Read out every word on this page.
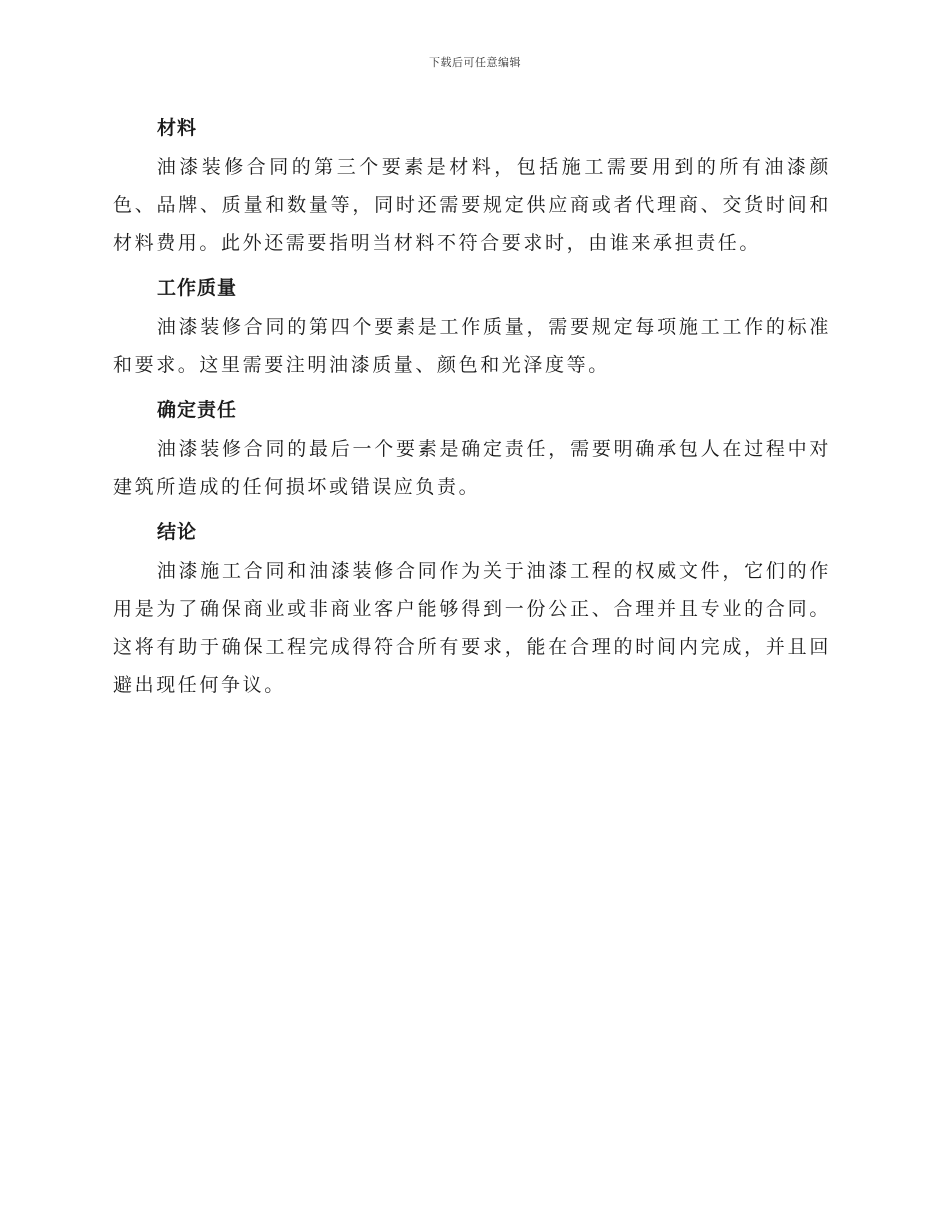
下载后可任意编辑
材料

油漆装修合同的第三个要素是材料，包括施工需要用到的所有油漆颜色、品牌、质量和数量等，同时还需要规定供应商或者代理商、交货时间和材料费用。此外还需要指明当材料不符合要求时，由谁来承担责任。

工作质量

油漆装修合同的第四个要素是工作质量，需要规定每项施工工作的标准和要求。这里需要注明油漆质量、颜色和光泽度等。

确定责任

油漆装修合同的最后一个要素是确定责任，需要明确承包人在过程中对建筑所造成的任何损坏或错误应负责。

结论

油漆施工合同和油漆装修合同作为关于油漆工程的权威文件，它们的作用是为了确保商业或非商业客户能够得到一份公正、合理并且专业的合同。这将有助于确保工程完成得符合所有要求，能在合理的时间内完成，并且回避出现任何争议。
